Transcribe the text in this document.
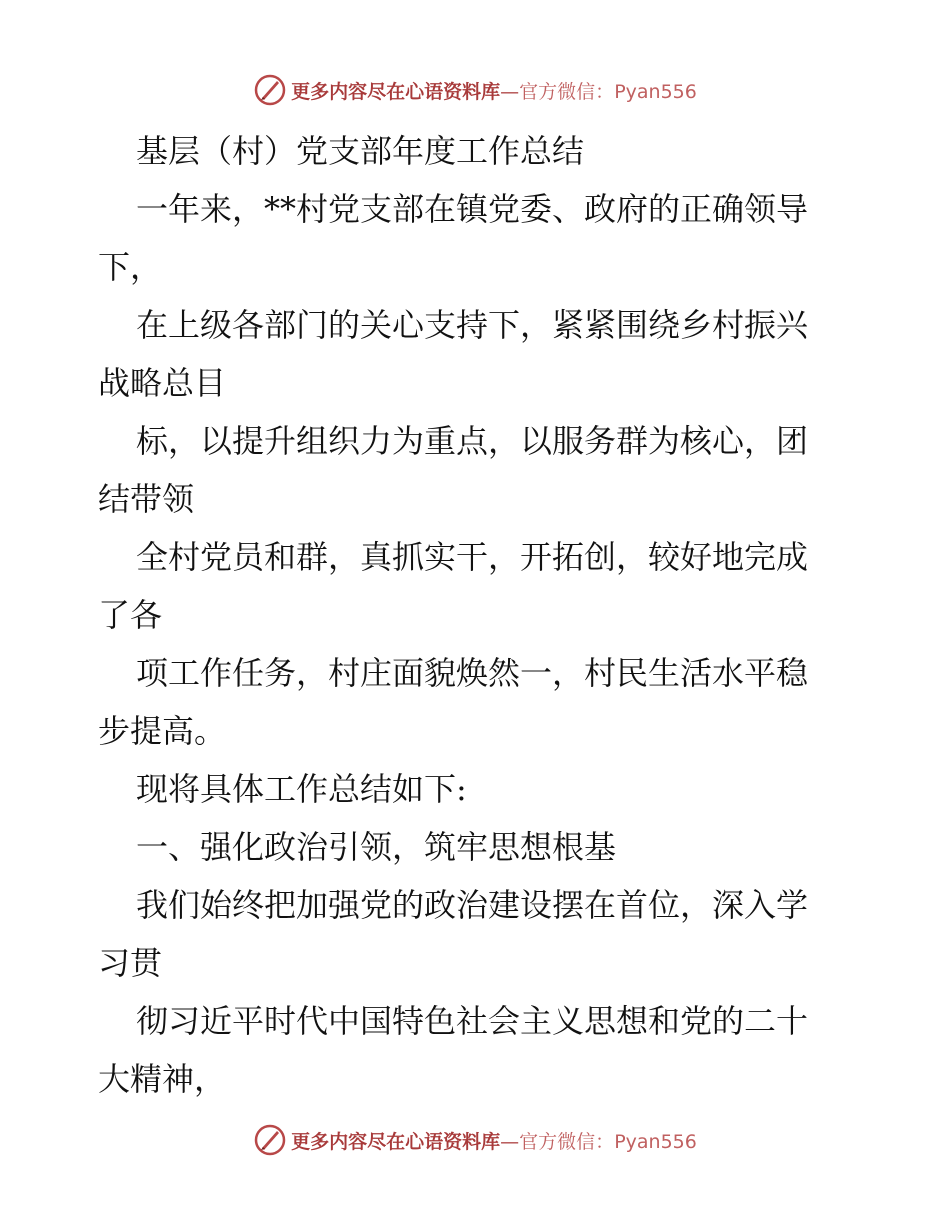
更多内容尽在心语资料库—官方微信：Pyan556
基层（村）党支部年度工作总结
一年来，**村党支部在镇党委、政府的正确领导
下，
在上级各部门的关心支持下，紧紧围绕乡村振兴
战略总目
标，以提升组织力为重点，以服务群为核心，团
结带领
全村党员和群，真抓实干，开拓创，较好地完成
了各
项工作任务，村庄面貌焕然一，村民生活水平稳
步提高。
现将具体工作总结如下:
一、强化政治引领，筑牢思想根基
我们始终把加强党的政治建设摆在首位，深入学
习贯
彻习近平时代中国特色社会主义思想和党的二十
大精神，
更多内容尽在心语资料库—官方微信：Pyan556
